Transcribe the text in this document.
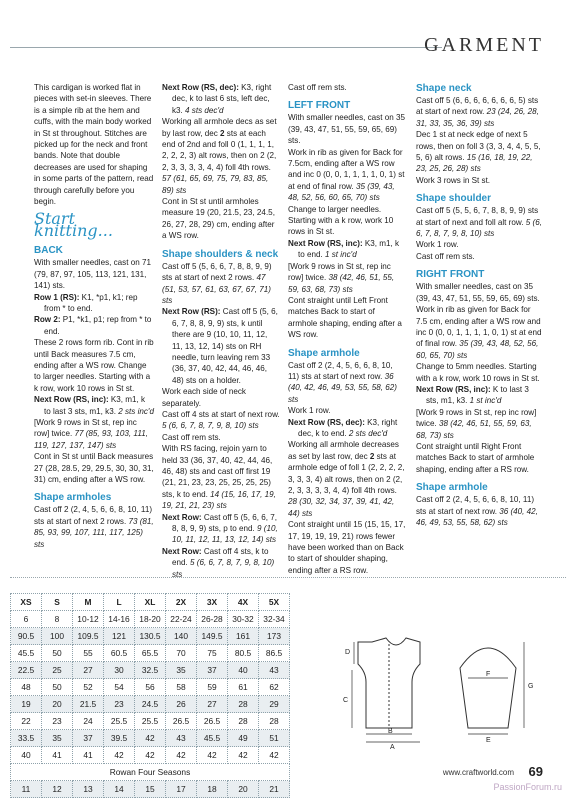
GARMENT

This cardigan is worked flat in pieces with set-in sleeves. There is a simple rib at the hem and cuffs, with the main body worked in St st throughout. Stitches are picked up for the neck and front bands. Note that double decreases are used for shaping in some parts of the pattern, read through carefully before you begin.

Start knitting...
BACK

With smaller needles, cast on 71 (79, 87, 97, 105, 113, 121, 131, 141) sts.

Row 1 (RS): K1, *p1, k1; rep from * to end.

Row 2: P1, *k1, p1; rep from * to end.

These 2 rows form rib. Cont in rib until Back measures 7.5 cm, ending after a WS row. Change to larger needles. Starting with a k row, work 10 rows in St st.

Next Row (RS, inc): K3, m1, k to last 3 sts, m1, k3. 2 sts inc'd

[Work 9 rows in St st, rep inc row] twice. 77 (85, 93, 103, 111, 119, 127, 137, 147) sts

Cont in St st until Back measures 27 (28, 28.5, 29, 29.5, 30, 30, 31, 31) cm, ending after a WS row.

Shape armholes

Cast off 2 (2, 4, 5, 6, 6, 8, 10, 11) sts at start of next 2 rows. 73 (81, 85, 93, 99, 107, 111, 117, 125) sts

Next Row (RS, dec): K3, right dec, k to last 6 sts, left dec, k3. 4 sts dec'd

Working all armhole decs as set by last row, dec 2 sts at each end of 2nd and foll 0 (1, 1, 1, 1, 2, 2, 2, 3) alt rows, then on 2 (2, 2, 3, 3, 3, 3, 4, 4) foll 4th rows. 57 (61, 65, 69, 75, 79, 83, 85, 89) sts

Cont in St st until armholes measure 19 (20, 21.5, 23, 24.5, 26, 27, 28, 29) cm, ending after a WS row.

Shape shoulders & neck

Cast off 5 (5, 6, 6, 7, 8, 8, 9, 9) sts at start of next 2 rows. 47 (51, 53, 57, 61, 63, 67, 67, 71) sts

Next Row (RS): Cast off 5 (5, 6, 6, 7, 8, 8, 9, 9) sts, k until there are 9 (10, 10, 11, 12, 11, 13, 12, 14) sts on RH needle, turn leaving rem 33 (36, 37, 40, 42, 44, 46, 46, 48) sts on a holder.

Work each side of neck separately.

Cast off 4 sts at start of next row. 5 (6, 6, 7, 8, 7, 9, 8, 10) sts

Cast off rem sts.

With RS facing, rejoin yarn to held 33 (36, 37, 40, 42, 44, 46, 46, 48) sts and cast off first 19 (21, 21, 23, 23, 25, 25, 25, 25) sts, k to end. 14 (15, 16, 17, 19, 19, 21, 21, 23) sts

Next Row: Cast off 5 (5, 6, 6, 7, 8, 8, 9, 9) sts, p to end. 9 (10, 10, 11, 12, 11, 13, 12, 14) sts

Next Row: Cast off 4 sts, k to end. 5 (6, 6, 7, 8, 7, 9, 8, 10) sts

Cast off rem sts.

LEFT FRONT

With smaller needles, cast on 35 (39, 43, 47, 51, 55, 59, 65, 69) sts.

Work in rib as given for Back for 7.5cm, ending after a WS row and inc 0 (0, 0, 1, 1, 1, 1, 0, 1) st at end of final row. 35 (39, 43, 48, 52, 56, 60, 65, 70) sts

Change to larger needles. Starting with a k row, work 10 rows in St st.

Next Row (RS, inc): K3, m1, k to end. 1 st inc'd

[Work 9 rows in St st, rep inc row] twice. 38 (42, 46, 51, 55, 59, 63, 68, 73) sts

Cont straight until Left Front matches Back to start of armhole shaping, ending after a WS row.

Shape armhole

Cast off 2 (2, 4, 5, 6, 6, 8, 10, 11) sts at start of next row. 36 (40, 42, 46, 49, 53, 55, 58, 62) sts

Work 1 row.

Next Row (RS, dec): K3, right dec, k to end. 2 sts dec'd

Working all armhole decreases as set by last row, dec 2 sts at armhole edge of foll 1 (2, 2, 2, 2, 3, 3, 3, 4) alt rows, then on 2 (2, 2, 3, 3, 3, 3, 4, 4) foll 4th rows. 28 (30, 32, 34, 37, 39, 41, 42, 44) sts

Cont straight until 15 (15, 15, 17, 17, 19, 19, 19, 21) rows fewer have been worked than on Back to start of shoulder shaping, ending after a RS row.

Shape neck

Cast off 5 (6, 6, 6, 6, 6, 6, 6, 5) sts at start of next row. 23 (24, 26, 28, 31, 33, 35, 36, 39) sts

Dec 1 st at neck edge of next 5 rows, then on foll 3 (3, 3, 4, 4, 5, 5, 5, 6) alt rows. 15 (16, 18, 19, 22, 23, 25, 26, 28) sts

Work 3 rows in St st.

Shape shoulder

Cast off 5 (5, 5, 6, 7, 8, 8, 9, 9) sts at start of next and foll alt row. 5 (6, 6, 7, 8, 7, 9, 8, 10) sts

Work 1 row.

Cast off rem sts.

RIGHT FRONT

With smaller needles, cast on 35 (39, 43, 47, 51, 55, 59, 65, 69) sts.

Work in rib as given for Back for 7.5 cm, ending after a WS row and inc 0 (0, 0, 1, 1, 1, 1, 0, 1) st at end of final row. 35 (39, 43, 48, 52, 56, 60, 65, 70) sts

Change to 5mm needles. Starting with a k row, work 10 rows in St st.

Next Row (RS, inc): K to last 3 sts, m1, k3. 1 st inc'd

[Work 9 rows in St st, rep inc row] twice. 38 (42, 46, 51, 55, 59, 63, 68, 73) sts

Cont straight until Right Front matches Back to start of armhole shaping, ending after a RS row.

Shape armhole

Cast off 2 (2, 4, 5, 6, 6, 8, 10, 11) sts at start of next row. 36 (40, 42, 46, 49, 53, 55, 58, 62) sts

XS	S	M	L	XL	2X	3X	4X	5X
6	8	10-12	14-16	18-20	22-24	26-28	30-32	32-34
90.5	100	109.5	121	130.5	140	149.5	161	173
45.5	50	55	60.5	65.5	70	75	80.5	86.5
22.5	25	27	30	32.5	35	37	40	43
48	50	52	54	56	58	59	61	62
19	20	21.5	23	24.5	26	27	28	29
22	23	24	25.5	25.5	26.5	26.5	28	28
33.5	35	37	39.5	42	43	45.5	49	51
40	41	41	42	42	42	42	42	42
Rowan Four Seasons								
11	12	13	14	15	17	18	20	21
D
C
B
A
F
G
E
www.craftworld.com 69
PassionForum.ru
